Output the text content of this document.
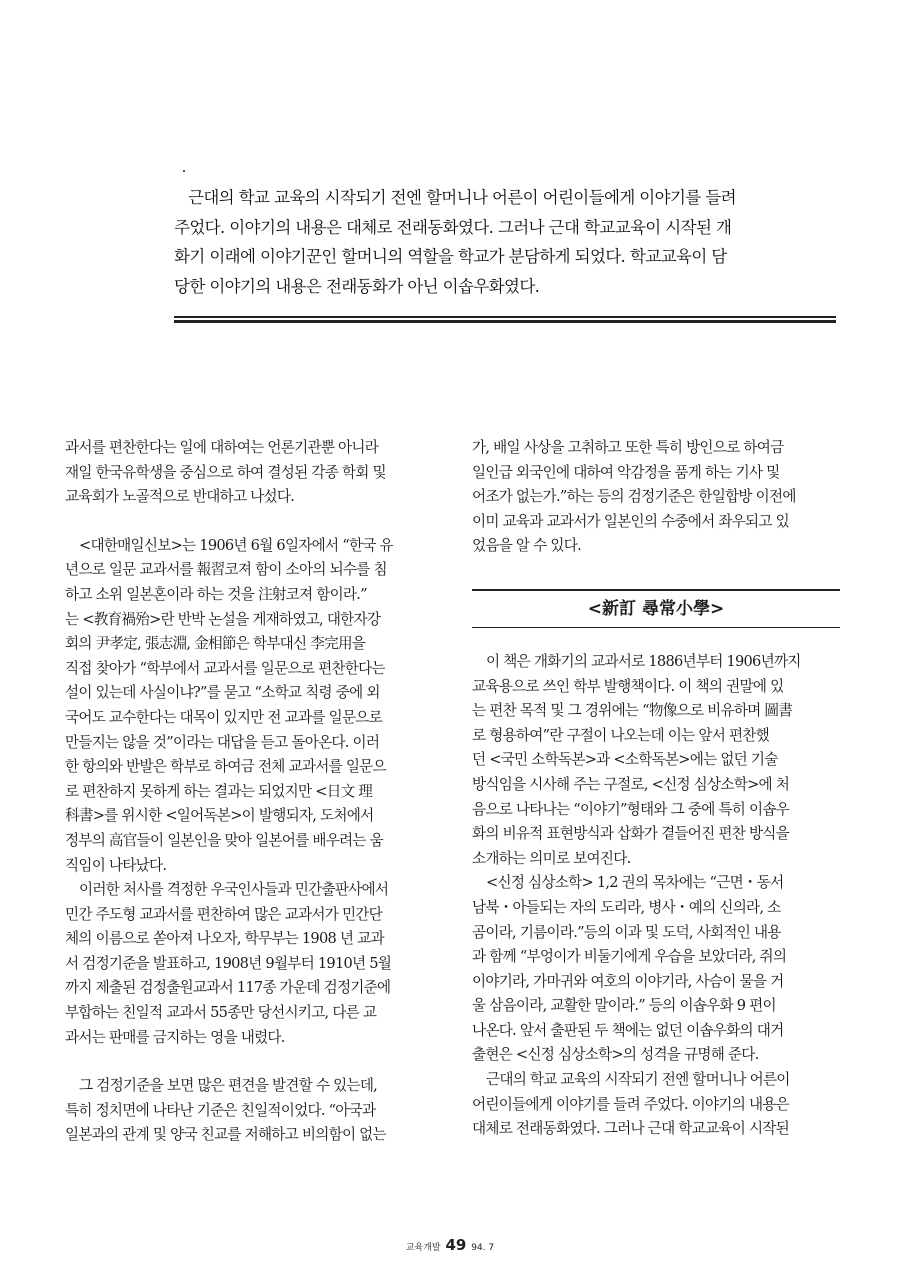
근대의 학교 교육의 시작되기 전엔 할머니나 어른이 어린이들에게 이야기를 들려

주었다. 이야기의 내용은 대체로 전래동화였다. 그러나 근대 학교교육이 시작된 개

화기 이래에 이야기꾼인 할머니의 역할을 학교가 분담하게 되었다. 학교교육이 담

당한 이야기의 내용은 전래동화가 아닌 이솝우화였다.

과서를 편찬한다는 일에 대하여는 언론기관뿐 아니라

재일 한국유학생을 중심으로 하여 결성된 각종 학회 및

교육회가 노골적으로 반대하고 나섰다.

<대한매일신보>는 1906년 6월 6일자에서 “한국 유

년으로 일문 교과서를 報習코져 함이 소아의 뇌수를 침

하고 소위 일본혼이라 하는 것을 注射코져 함이라.”

는 <教育禍殆>란 반박 논설을 게재하였고, 대한자강

회의 尹孝定, 張志淵, 金相節은 학부대신 李完用을

직접 찾아가 “학부에서 교과서를 일문으로 편찬한다는

설이 있는데 사실이냐?”를 묻고 “소학교 칙령 중에 외

국어도 교수한다는 대목이 있지만 전 교과를 일문으로

만들지는 않을 것”이라는 대답을 듣고 돌아온다. 이러

한 항의와 반발은 학부로 하여금 전체 교과서를 일문으

로 편찬하지 못하게 하는 결과는 되었지만 <日文 理

科書>를 위시한 <일어독본>이 발행되자, 도처에서

정부의 高官들이 일본인을 맞아 일본어를 배우려는 움

직임이 나타났다.

이러한 처사를 격정한 우국인사들과 민간출판사에서

민간 주도형 교과서를 편찬하여 많은 교과서가 민간단

체의 이름으로 쏟아져 나오자, 학무부는 1908 년 교과

서 검정기준을 발표하고, 1908년 9월부터 1910년 5월

까지 제출된 검정출원교과서 117종 가운데 검정기준에

부합하는 친일적 교과서 55종만 당선시키고, 다른 교

과서는 판매를 금지하는 영을 내렸다.

그 검정기준을 보면 많은 편견을 발견할 수 있는데,

특히 정치면에 나타난 기준은 친일적이었다. “아국과

일본과의 관계 및 양국 친교를 저해하고 비의함이 없는

가, 배일 사상을 고취하고 또한 특히 방인으로 하여금

일인급 외국인에 대하여 악감정을 품게 하는 기사 및

어조가 없는가.”하는 등의 검정기준은 한일합방 이전에

이미 교육과 교과서가 일본인의 수중에서 좌우되고 있

었음을 알 수 있다.

<新訂 尋常小學>

이 책은 개화기의 교과서로 1886년부터 1906년까지

교육용으로 쓰인 학부 발행책이다. 이 책의 권말에 있

는 편찬 목적 및 그 경위에는 “物像으로 비유하며 圖書

로 형용하여”란 구절이 나오는데 이는 앞서 편찬했

던 <국민 소학독본>과 <소학독본>에는 없던 기술

방식임을 시사해 주는 구절로, <신정 심상소학>에 처

음으로 나타나는 “이야기”형태와 그 중에 특히 이솝우

화의 비유적 표현방식과 삽화가 곁들어진 편찬 방식을

소개하는 의미로 보여진다.

<신정 심상소학> 1,2 권의 목차에는 “근면・동서

남북・아들되는 자의 도리라, 병사・예의 신의라, 소

곰이라, 기름이라.”등의 이과 및 도덕, 사회적인 내용

과 함께 “부엉이가 비둘기에게 우습을 보았더라, 쥐의

이야기라, 가마귀와 여호의 이야기라, 사슴이 물을 거

울 삼음이라, 교활한 말이라.” 등의 이솝우화 9 편이

나온다. 앞서 출판된 두 책에는 없던 이솝우화의 대거

출현은 <신정 심상소학>의 성격을 규명해 준다.

근대의 학교 교육의 시작되기 전엔 할머니나 어른이

어린이들에게 이야기를 들려 주었다. 이야기의 내용은

대체로 전래동화였다. 그러나 근대 학교교육이 시작된

교육개발 49 94. 7
